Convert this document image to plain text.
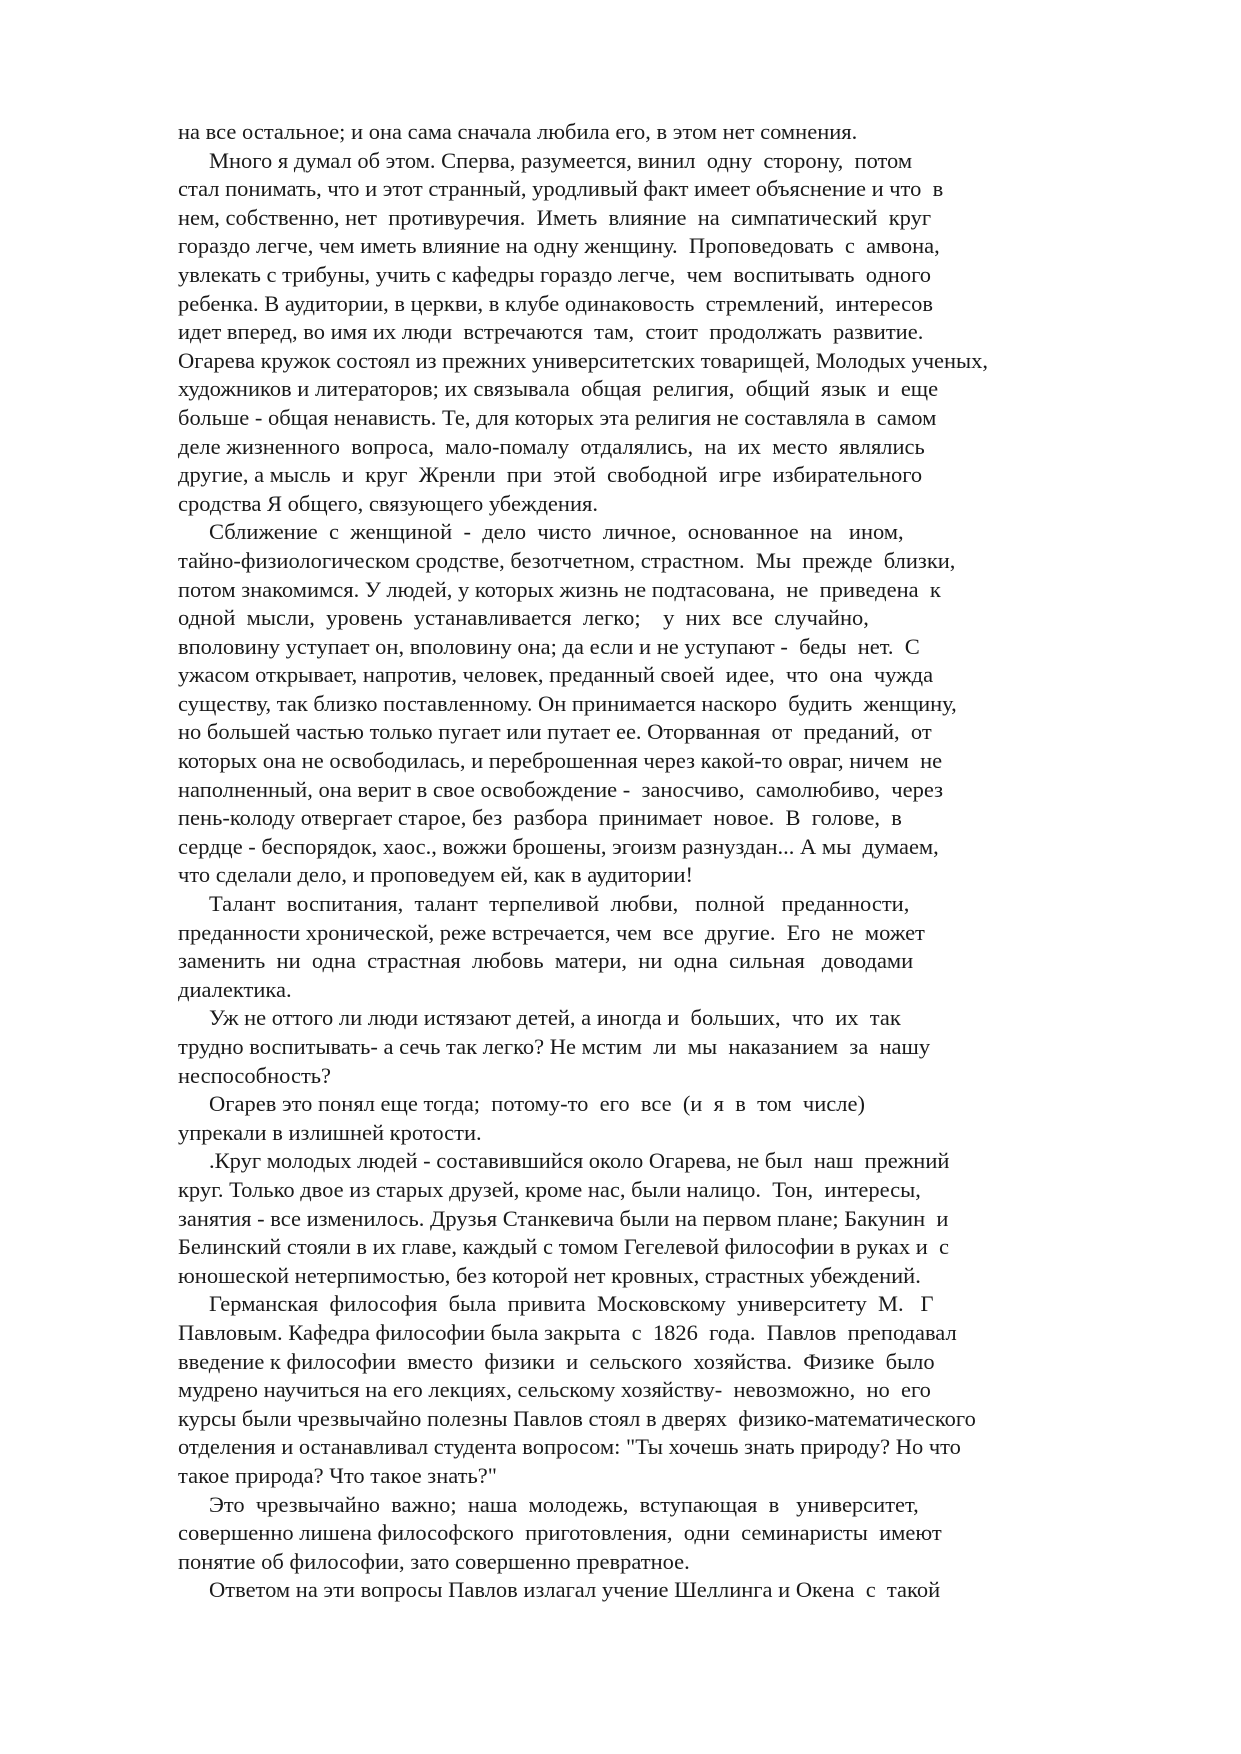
на все остальное; и она сама сначала любила его, в этом нет сомнения.
Много я думал об этом. Сперва, разумеется, винил  одну  сторону,  потом
стал понимать, что и этот странный, уродливый факт имеет объяснение и что  в
нем, собственно, нет  противуречия.  Иметь  влияние  на  симпатический  круг
гораздо легче, чем иметь влияние на одну женщину.  Проповедовать  с  амвона,
увлекать с трибуны, учить с кафедры гораздо легче,  чем  воспитывать  одного
ребенка. В аудитории, в церкви, в клубе одинаковость  стремлений,  интересов
идет вперед, во имя их люди  встречаются  там,  стоит  продолжать  развитие.
Огарева кружок состоял из прежних университетских товарищей, Молодых ученых,
художников и литераторов; их связывала  общая  религия,  общий  язык  и  еще
больше - общая ненависть. Те, для которых эта религия не составляла в  самом
деле жизненного  вопроса,  мало-помалу  отдалялись,  на  их  место  являлись
другие, а мысль  и  круг  Жренли  при  этой  свободной  игре  избирательного
сродства Я общего, связующего убеждения.
Сближение  с  женщиной  -  дело  чисто  личное,  основанное  на   ином,
тайно-физиологическом сродстве, безотчетном, страстном.  Мы  прежде  близки,
потом знакомимся. У людей, у которых жизнь не подтасована,  не  приведена  к
одной  мысли,  уровень  устанавливается  легко;    у  них  все  случайно,
вполовину уступает он, вполовину она; да если и не уступают -  беды  нет.  С
ужасом открывает, напротив, человек, преданный своей  идее,  что  она  чужда
существу, так близко поставленному. Он принимается наскоро  будить  женщину,
но большей частью только пугает или путает ее. Оторванная  от  преданий,  от
которых она не освободилась, и переброшенная через какой-то овраг, ничем  не
наполненный, она верит в свое освобождение -  заносчиво,  самолюбиво,  через
пень-колоду отвергает старое, без  разбора  принимает  новое.  В  голове,  в
сердце - беспорядок, хаос., вожжи брошены, эгоизм разнуздан... А мы  думаем,
что сделали дело, и проповедуем ей, как в аудитории!
Талант  воспитания,  талант  терпеливой  любви,   полной   преданности,
преданности хронической, реже встречается, чем  все  другие.  Его  не  может
заменить  ни  одна  страстная  любовь  матери,  ни  одна  сильная   доводами
диалектика.
Уж не оттого ли люди истязают детей, а иногда и  больших,  что  их  так
трудно воспитывать- а сечь так легко? Не мстим  ли  мы  наказанием  за  нашу
неспособность?
Огарев это понял еще тогда;  потому-то  его  все  (и  я  в  том  числе)
упрекали в излишней кротости.
.Круг молодых людей - составившийся около Огарева, не был  наш  прежний
круг. Только двое из старых друзей, кроме нас, были налицо.  Тон,  интересы,
занятия - все изменилось. Друзья Станкевича были на первом плане; Бакунин  и
Белинский стояли в их главе, каждый с томом Гегелевой философии в руках и  с
юношеской нетерпимостью, без которой нет кровных, страстных убеждений.
Германская  философия  была  привита  Московскому  университету  М.   Г
Павловым. Кафедра философии была закрыта  с  1826  года.  Павлов  преподавал
введение к философии  вместо  физики  и  сельского  хозяйства.  Физике  было
мудрено научиться на его лекциях, сельскому хозяйству-  невозможно,  но  его
курсы были чрезвычайно полезны Павлов стоял в дверях  физико-математического
отделения и останавливал студента вопросом: "Ты хочешь знать природу? Но что
такое природа? Что такое знать?"
Это  чрезвычайно  важно;  наша  молодежь,  вступающая  в   университет,
совершенно лишена философского  приготовления,  одни  семинаристы  имеют
понятие об философии, зато совершенно превратное.
Ответом на эти вопросы Павлов излагал учение Шеллинга и Окена  с  такой
